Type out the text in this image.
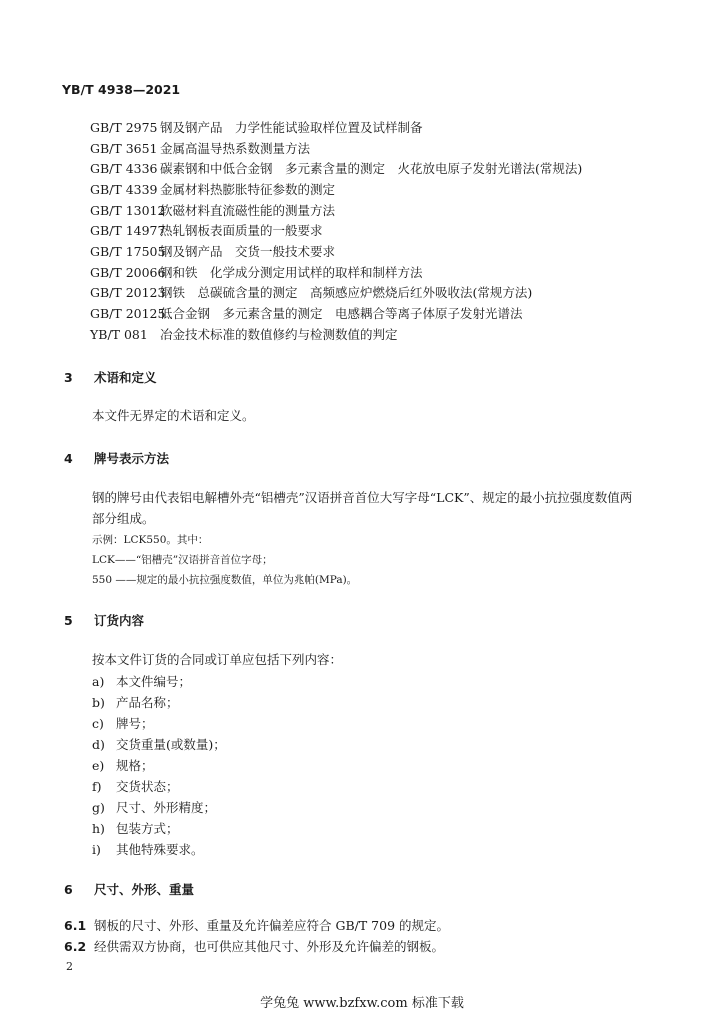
YB/T 4938—2021
GB/T 2975 钢及钢产品　力学性能试验取样位置及试样制备
GB/T 3651 金属高温导热系数测量方法
GB/T 4336 碳素钢和中低合金钢　多元素含量的测定　火花放电原子发射光谱法(常规法)
GB/T 4339 金属材料热膨胀特征参数的测定
GB/T 13012软磁材料直流磁性能的测量方法
GB/T 14977热轧钢板表面质量的一般要求
GB/T 17505钢及钢产品　交货一般技术要求
GB/T 20066钢和铁　化学成分测定用试样的取样和制样方法
GB/T 20123钢铁　总碳硫含量的测定　高频感应炉燃烧后红外吸收法(常规方法)
GB/T 20125低合金钢　多元素含量的测定　电感耦合等离子体原子发射光谱法
YB/T 081 冶金技术标准的数值修约与检测数值的判定
3 术语和定义
本文件无界定的术语和定义。
4 牌号表示方法
钢的牌号由代表铝电解槽外壳“铝槽壳”汉语拼音首位大写字母“LCK”、规定的最小抗拉强度数值两
部分组成。
示例：LCK550。其中：
LCK——“铝槽壳”汉语拼音首位字母；
550 ——规定的最小抗拉强度数值，单位为兆帕(MPa)。
5 订货内容
按本文件订货的合同或订单应包括下列内容：
a) 本文件编号；
b) 产品名称；
c) 牌号；
d) 交货重量(或数量)；
e) 规格；
f) 交货状态；
g) 尺寸、外形精度；
h) 包装方式；
i) 其他特殊要求。
6 尺寸、外形、重量
6.1 钢板的尺寸、外形、重量及允许偏差应符合 GB/T 709 的规定。
6.2 经供需双方协商，也可供应其他尺寸、外形及允许偏差的钢板。
2
学兔兔 www.bzfxw.com 标准下载
